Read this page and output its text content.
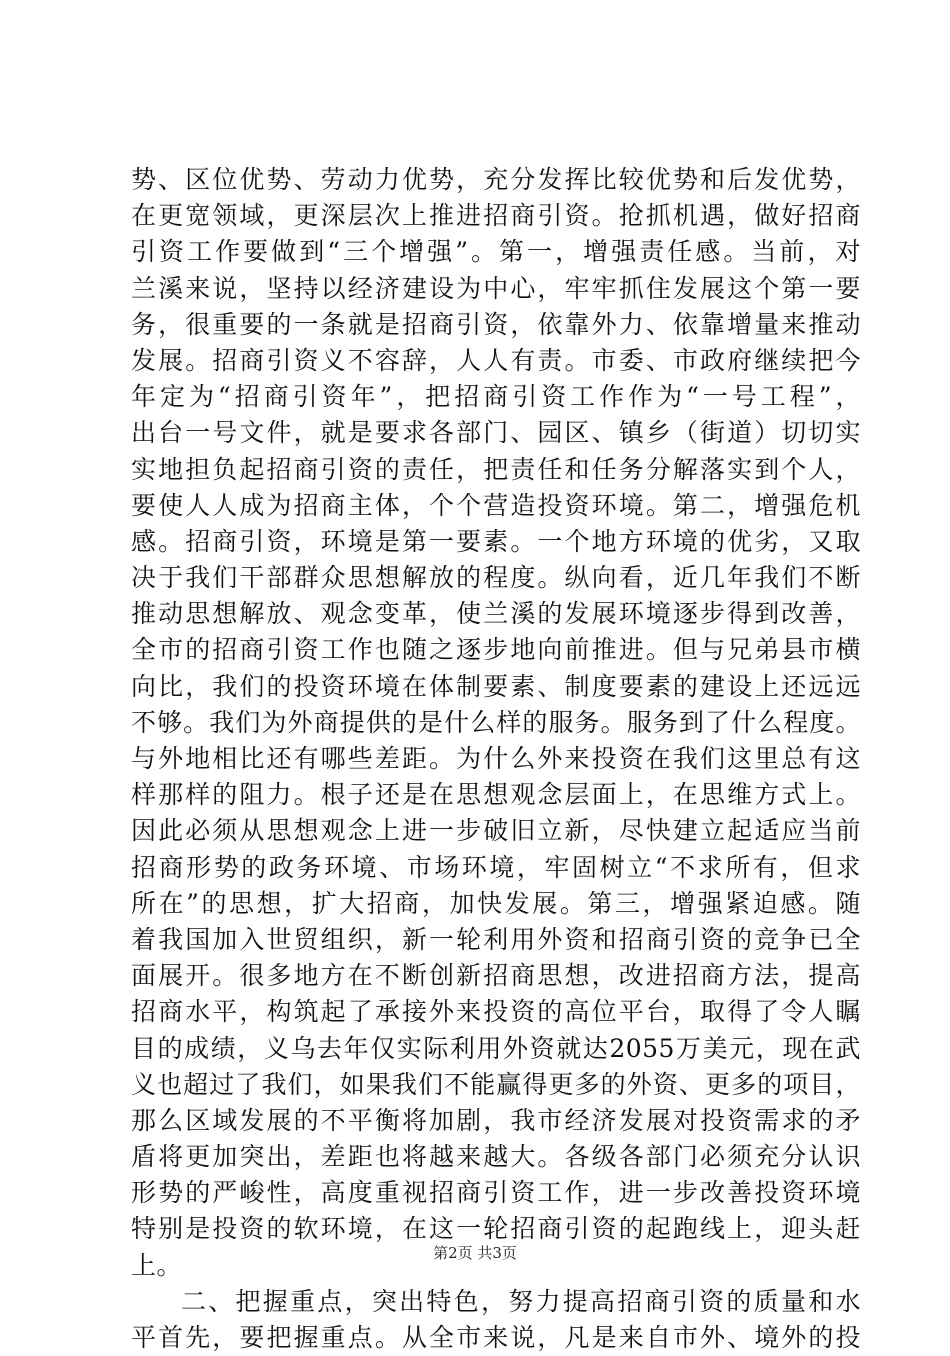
势、区位优势、劳动力优势，充分发挥比较优势和后发优势，
在更宽领域，更深层次上推进招商引资。抢抓机遇，做好招商
引资工作要做到“三个增强”。第一，增强责任感。当前，对
兰溪来说，坚持以经济建设为中心，牢牢抓住发展这个第一要
务，很重要的一条就是招商引资，依靠外力、依靠增量来推动
发展。招商引资义不容辞，人人有责。市委、市政府继续把今
年定为“招商引资年”，把招商引资工作作为“一号工程”，
出台一号文件，就是要求各部门、园区、镇乡（街道）切切实
实地担负起招商引资的责任，把责任和任务分解落实到个人，
要使人人成为招商主体，个个营造投资环境。第二，增强危机
感。招商引资，环境是第一要素。一个地方环境的优劣，又取
决于我们干部群众思想解放的程度。纵向看，近几年我们不断
推动思想解放、观念变革，使兰溪的发展环境逐步得到改善，
全市的招商引资工作也随之逐步地向前推进。但与兄弟县市横
向比，我们的投资环境在体制要素、制度要素的建设上还远远
不够。我们为外商提供的是什么样的服务。服务到了什么程度。
与外地相比还有哪些差距。为什么外来投资在我们这里总有这
样那样的阻力。根子还是在思想观念层面上，在思维方式上。
因此必须从思想观念上进一步破旧立新，尽快建立起适应当前
招商形势的政务环境、市场环境，牢固树立“不求所有，但求
所在”的思想，扩大招商，加快发展。第三，增强紧迫感。随
着我国加入世贸组织，新一轮利用外资和招商引资的竞争已全
面展开。很多地方在不断创新招商思想，改进招商方法，提高
招商水平，构筑起了承接外来投资的高位平台，取得了令人瞩
目的成绩，义乌去年仅实际利用外资就达2055万美元，现在武
义也超过了我们，如果我们不能赢得更多的外资、更多的项目，
那么区域发展的不平衡将加剧，我市经济发展对投资需求的矛
盾将更加突出，差距也将越来越大。各级各部门必须充分认识
形势的严峻性，高度重视招商引资工作，进一步改善投资环境
特别是投资的软环境，在这一轮招商引资的起跑线上，迎头赶
上。
二、把握重点，突出特色，努力提高招商引资的质量和水
平首先，要把握重点。从全市来说，凡是来自市外、境外的投
第2页 共3页
